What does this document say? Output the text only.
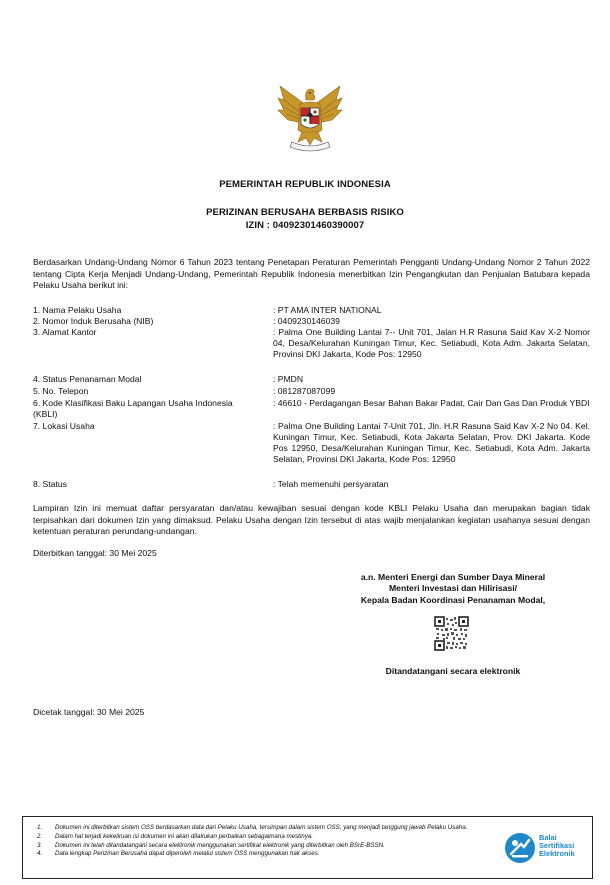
PEMERINTAH REPUBLIK INDONESIA
PERIZINAN BERUSAHA BERBASIS RISIKO
IZIN : 04092301460390007
Berdasarkan Undang-Undang Nomor 6 Tahun 2023 tentang Penetapan Peraturan Pemerintah Pengganti Undang-Undang Nomor 2 Tahun 2022 tentang Cipta Kerja Menjadi Undang-Undang, Pemerintah Republik Indonesia menerbitkan Izin Pengangkutan dan Penjualan Batubara kepada Pelaku Usaha berikut ini:
1. Nama Pelaku Usaha	: PT AMA INTER NATIONAL
2. Nomor Induk Berusaha (NIB)	: 0409230146039
3. Alamat Kantor	: Palma One Building Lantai 7-- Unit 701, Jalan H.R Rasuna Said Kav X-2 Nomor 04, Desa/Kelurahan Kuningan Timur, Kec. Setiabudi, Kota Adm. Jakarta Selatan, Provinsi DKI Jakarta, Kode Pos: 12950
4. Status Penanaman Modal	: PMDN
5. No. Telepon	: 081287087099
6. Kode Klasifikasi Baku Lapangan Usaha Indonesia (KBLI)
: 46610 - Perdagangan Besar Bahan Bakar Padat, Cair Dan Gas Dan Produk YBDI
7. Lokasi Usaha	: Palma One Building Lantai 7-Unit 701, Jln. H.R Rasuna Said Kav X-2 No 04. Kel. Kuningan Timur, Kec. Setiabudi, Kota Jakarta Selatan, Prov. DKI Jakarta. Kode Pos 12950, Desa/Kelurahan Kuningan Timur, Kec. Setiabudi, Kota Adm. Jakarta Selatan, Provinsi DKI Jakarta, Kode Pos: 12950
8. Status	: Telah memenuhi persyaratan
Lampiran Izin ini memuat daftar persyaratan dan/atau kewajiban sesuai dengan kode KBLI Pelaku Usaha dan merupakan bagian tidak terpisahkan dari dokumen Izin yang dimaksud. Pelaku Usaha dengan Izin tersebut di atas wajib menjalankan kegiatan usahanya sesuai dengan ketentuan peraturan perundang-undangan.
Diterbitkan tanggal: 30 Mei 2025
a.n. Menteri Energi dan Sumber Daya Mineral
Menteri Investasi dan Hilirisasi/
Kepala Badan Koordinasi Penanaman Modal,
Ditandatangani secara elektronik
Dicetak tanggal: 30 Mei 2025
1. Dokumen ini diterbitkan sistem OSS berdasarkan data dari Pelaku Usaha, tersimpan dalam sistem OSS, yang menjadi tanggung jawab Pelaku Usaha.
2. Dalam hal terjadi kekeliruan isi dokumen ini akan dilakukan perbaikan sebagaimana mestinya.
3. Dokumen ini telah ditandatangani secara elektronik menggunakan sertifikat elektronik yang diterbitkan oleh BSrE-BSSN.
4. Data lengkap Perizinan Berusaha dapat diperoleh melalui sistem OSS menggunakan hak akses.
Balai
Sertifikasi
Elektronik
